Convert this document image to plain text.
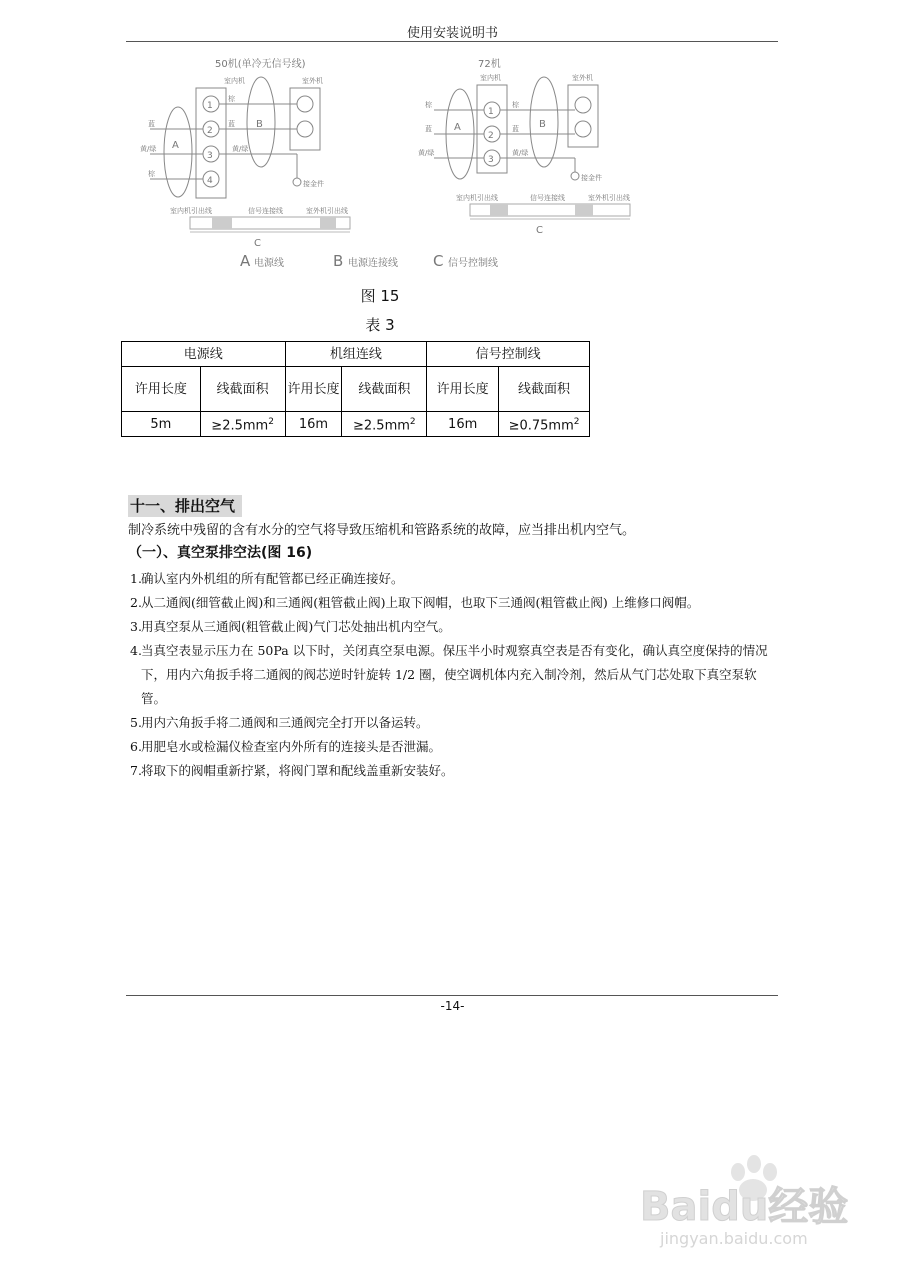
使用安装说明书
50机(单冷无信号线)
室内机	室外机
1
2
3
4	接金件
蓝
黄/绿
棕
A
B
棕
蓝
黄/绿
室内机引出线	信号连接线	室外机引出线
C
72机
室内机	室外机
1
2
3
接金件
棕
蓝
黄/绿
A	B
棕
蓝
黄/绿
室内机引出线	信号连接线	室外机引出线
C
A 电源线	B 电源连接线 C 信号控制线
图 15
表 3
电源线		机组连线		信号控制线	
许用长度	线截面积	许用长度	线截面积	许用长度	线截面积
5m	$\ge 2.5mm^2$	16m	$\ge 2.5mm^2$	16m	$\ge 0.75mm^2$
十一、排出空气
制冷系统中残留的含有水分的空气将导致压缩机和管路系统的故障，应当排出机内空气。
（一）、真空泵排空法(图 16)
1. 确认室内外机组的所有配管都已经正确连接好。
2. 从二通阀(细管截止阀)和三通阀(粗管截止阀)上取下阀帽，也取下三通阀(粗管截止阀) 上维修口阀帽。
3. 用真空泵从三通阀(粗管截止阀)气门芯处抽出机内空气。
4. 当真空表显示压力在 50Pa 以下时，关闭真空泵电源。保压半小时观察真空表是否有变化，确认真空度保持的情况下，用内六角扳手将二通阀的阀芯逆时针旋转 1/2 圈，使空调机体内充入制冷剂，然后从气门芯处取下真空泵软管。
5. 用内六角扳手将二通阀和三通阀完全打开以备运转。
6. 用肥皂水或检漏仪检查室内外所有的连接头是否泄漏。
7. 将取下的阀帽重新拧紧，将阀门罩和配线盖重新安装好。
-14-
Baidu经验
jingyan.baidu.com
